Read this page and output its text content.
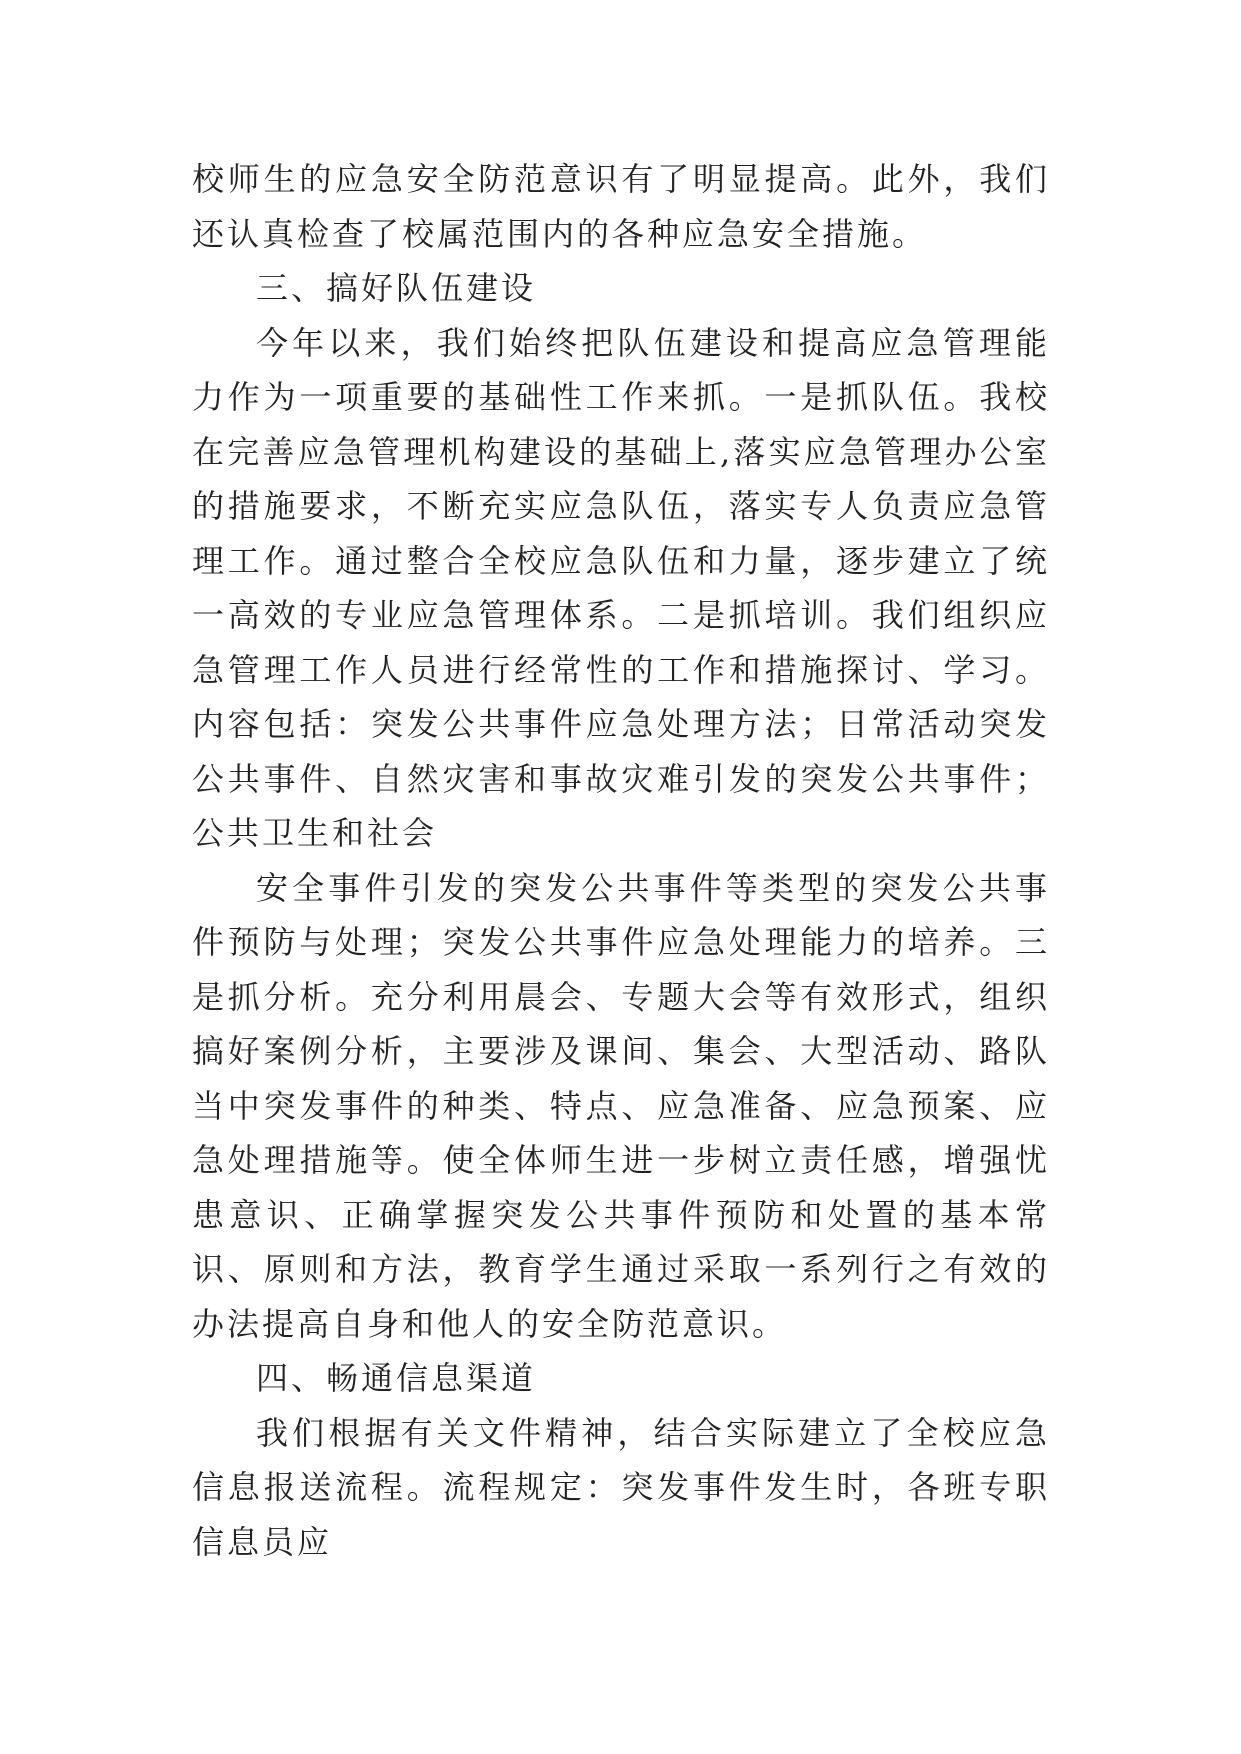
校师生的应急安全防范意识有了明显提高。此外，我们还认真检查了校属范围内的各种应急安全措施。

三、搞好队伍建设

今年以来，我们始终把队伍建设和提高应急管理能力作为一项重要的基础性工作来抓。一是抓队伍。我校在完善应急管理机构建设的基础上,落实应急管理办公室的措施要求，不断充实应急队伍，落实专人负责应急管理工作。通过整合全校应急队伍和力量，逐步建立了统一高效的专业应急管理体系。二是抓培训。我们组织应急管理工作人员进行经常性的工作和措施探讨、学习。内容包括：突发公共事件应急处理方法；日常活动突发公共事件、自然灾害和事故灾难引发的突发公共事件；公共卫生和社会

安全事件引发的突发公共事件等类型的突发公共事件预防与处理；突发公共事件应急处理能力的培养。三是抓分析。充分利用晨会、专题大会等有效形式，组织搞好案例分析，主要涉及课间、集会、大型活动、路队当中突发事件的种类、特点、应急准备、应急预案、应急处理措施等。使全体师生进一步树立责任感，增强忧患意识、正确掌握突发公共事件预防和处置的基本常识、原则和方法，教育学生通过采取一系列行之有效的办法提高自身和他人的安全防范意识。

四、畅通信息渠道

我们根据有关文件精神，结合实际建立了全校应急信息报送流程。流程规定：突发事件发生时，各班专职信息员应
